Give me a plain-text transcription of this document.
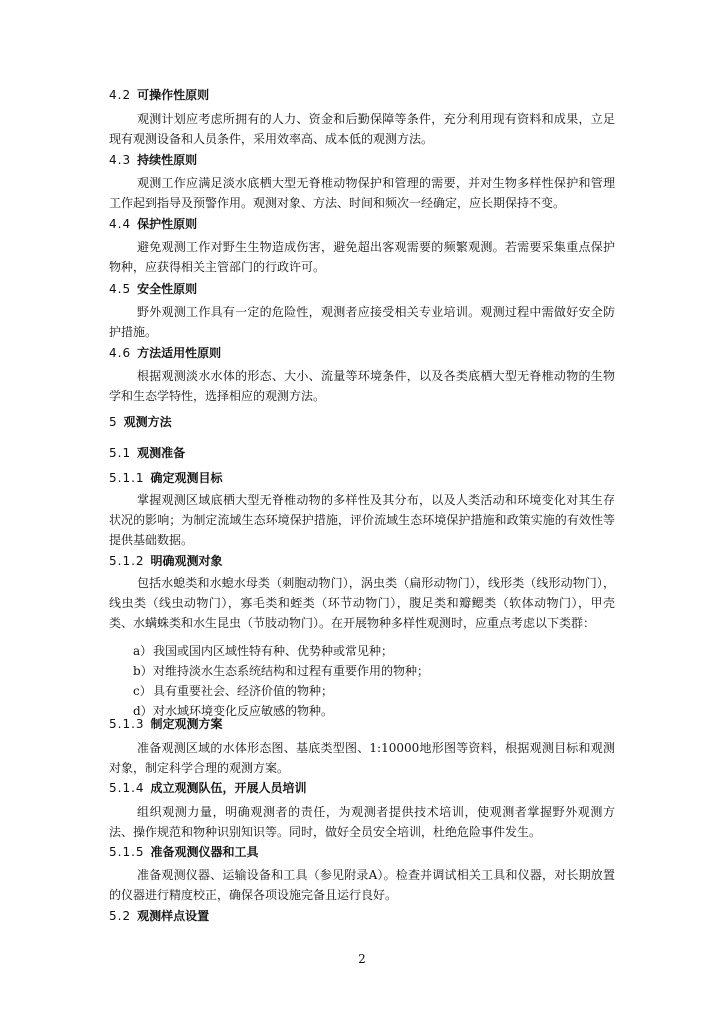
4.2 可操作性原则
观测计划应考虑所拥有的人力、资金和后勤保障等条件，充分利用现有资料和成果，立足现有观测设备和人员条件，采用效率高、成本低的观测方法。
4.3 持续性原则
观测工作应满足淡水底栖大型无脊椎动物保护和管理的需要，并对生物多样性保护和管理工作起到指导及预警作用。观测对象、方法、时间和频次一经确定，应长期保持不变。
4.4 保护性原则
避免观测工作对野生生物造成伤害，避免超出客观需要的频繁观测。若需要采集重点保护物种，应获得相关主管部门的行政许可。
4.5 安全性原则
野外观测工作具有一定的危险性，观测者应接受相关专业培训。观测过程中需做好安全防护措施。
4.6 方法适用性原则
根据观测淡水水体的形态、大小、流量等环境条件，以及各类底栖大型无脊椎动物的生物学和生态学特性，选择相应的观测方法。
5 观测方法
5.1 观测准备
5.1.1 确定观测目标
掌握观测区域底栖大型无脊椎动物的多样性及其分布，以及人类活动和环境变化对其生存状况的影响；为制定流域生态环境保护措施，评价流域生态环境保护措施和政策实施的有效性等提供基础数据。
5.1.2 明确观测对象
包括水螅类和水螅水母类（刺胞动物门），涡虫类（扁形动物门），线形类（线形动物门），线虫类（线虫动物门），寡毛类和蛭类（环节动物门），腹足类和瓣鳃类（软体动物门），甲壳类、水螨蛛类和水生昆虫（节肢动物门）。在开展物种多样性观测时，应重点考虑以下类群：
a）我国或国内区域性特有种、优势种或常见种；
b）对维持淡水生态系统结构和过程有重要作用的物种；
c）具有重要社会、经济价值的物种；
d）对水域环境变化反应敏感的物种。
5.1.3 制定观测方案
准备观测区域的水体形态图、基底类型图、1:10000地形图等资料，根据观测目标和观测对象，制定科学合理的观测方案。
5.1.4 成立观测队伍，开展人员培训
组织观测力量，明确观测者的责任，为观测者提供技术培训，使观测者掌握野外观测方法、操作规范和物种识别知识等。同时，做好全员安全培训，杜绝危险事件发生。
5.1.5 准备观测仪器和工具
准备观测仪器、运输设备和工具（参见附录A）。检查并调试相关工具和仪器，对长期放置的仪器进行精度校正，确保各项设施完备且运行良好。
5.2 观测样点设置
2
